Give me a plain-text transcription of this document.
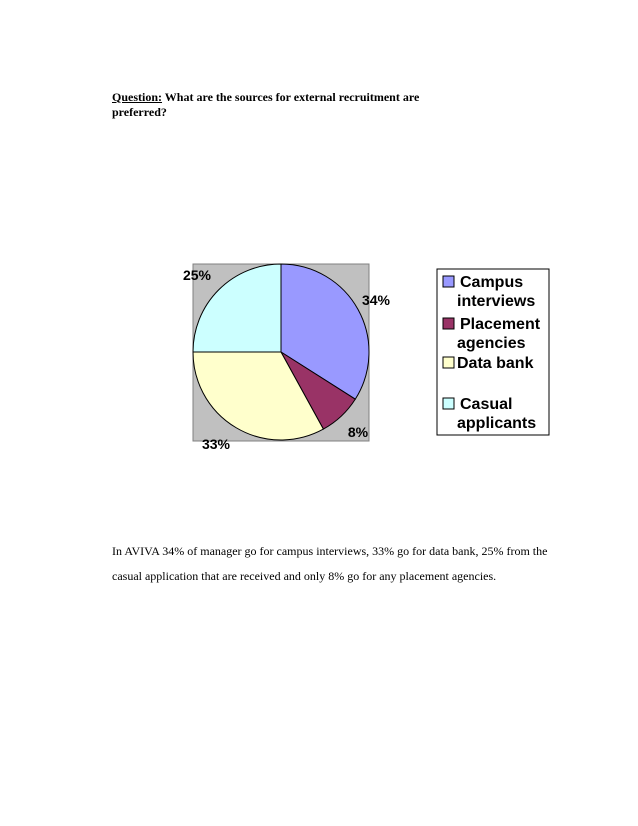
Question: What are the sources for external recruitment are preferred?
34%
8%
33%
25%	Campus interviews
Placement agencies
Data bank
Casual applicants
In AVIVA 34% of manager go for campus interviews, 33% go for data bank, 25% from the casual application that are received and only 8% go for any placement agencies.
